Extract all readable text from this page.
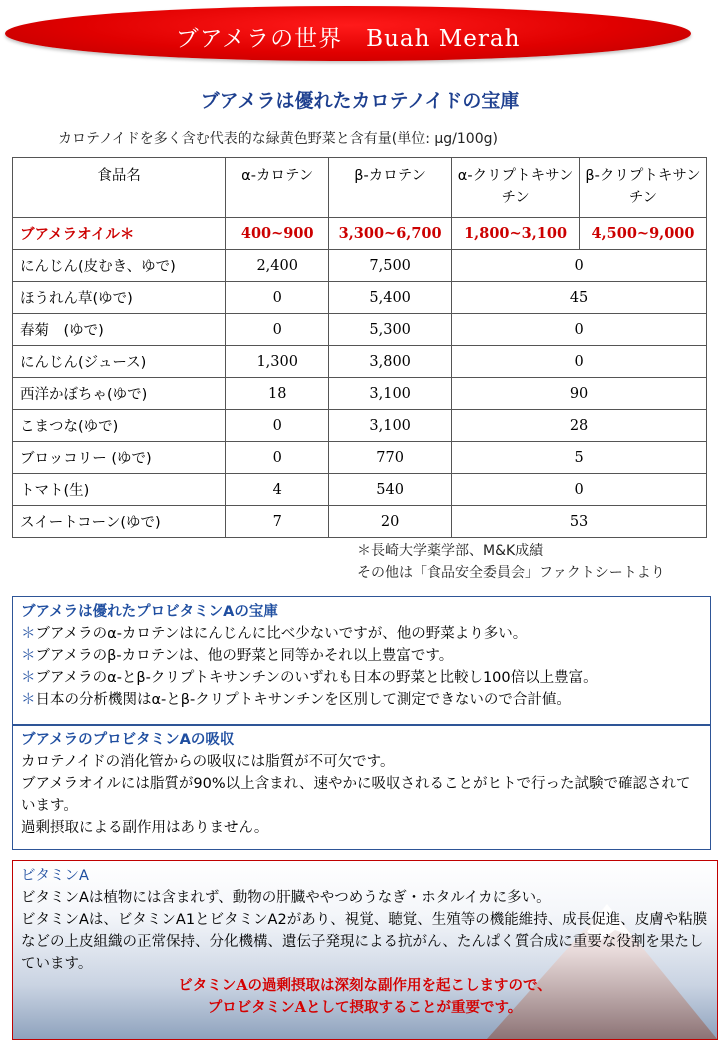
ブアメラの世界　Buah Merah
ブアメラは優れたカロテノイドの宝庫
カロテノイドを多く含む代表的な緑黄色野菜と含有量(単位: μg/100g)
食品名	α-カロテン	β-カロテン	α-クリプトキサンチン	β-クリプトキサンチン
ブアメラオイル＊	400~900	3,300~6,700	1,800~3,100	4,500~9,000
にんじん(皮むき、ゆで)	2,400	7,500	0	
ほうれん草(ゆで)	0	5,400	45	
春菊　(ゆで)	0	5,300	0	
にんじん(ジュース)	1,300	3,800	0	
西洋かぼちゃ(ゆで)	18	3,100	90	
こまつな(ゆで)	0	3,100	28	
ブロッコリー (ゆで)	0	770	5	
トマト(生)	4	540	0	
スイートコーン(ゆで)	7	20	53	
＊長崎大学薬学部、M&K成績
その他は「食品安全委員会」ファクトシートより
ブアメラは優れたプロビタミンAの宝庫
＊ブアメラのα-カロテンはにんじんに比べ少ないですが、他の野菜より多い。
＊ブアメラのβ-カロテンは、他の野菜と同等かそれ以上豊富です。
＊ブアメラのα-とβ-クリプトキサンチンのいずれも日本の野菜と比較し100倍以上豊富。
＊日本の分析機関はα-とβ-クリプトキサンチンを区別して測定できないので合計値。
ブアメラのプロビタミンAの吸収
カロテノイドの消化管からの吸収には脂質が不可欠です。
ブアメラオイルには脂質が90%以上含まれ、速やかに吸収されることがヒトで行った試験で確認されています。
過剰摂取による副作用はありません。
ビタミンA
ビタミンAは植物には含まれず、動物の肝臓ややつめうなぎ・ホタルイカに多い。
ビタミンAは、ビタミンA1とビタミンA2があり、視覚、聴覚、生殖等の機能維持、成長促進、皮膚や粘膜などの上皮組織の正常保持、分化機構、遺伝子発現による抗がん、たんぱく質合成に重要な役割を果たしています。
ビタミンAの過剰摂取は深刻な副作用を起こしますので、
プロビタミンAとして摂取することが重要です。
